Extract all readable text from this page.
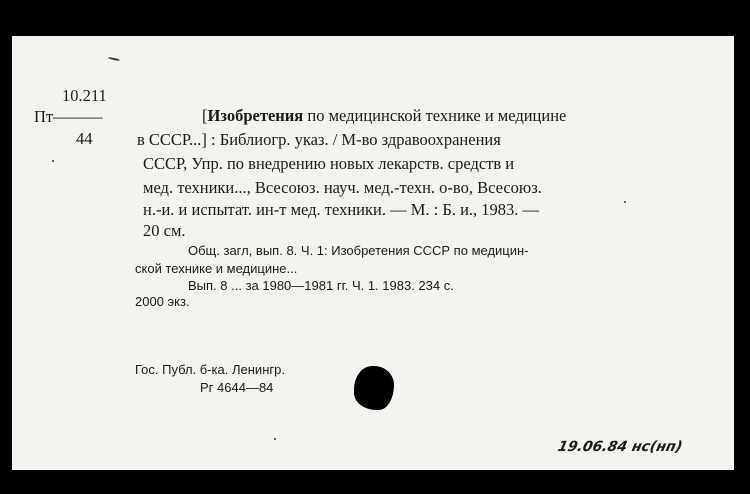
10.211
Пт———
44
[Изобретения по медицинской технике и медицине
в СССР...] : Библиогр. указ. / М-во здравоохранения
СССР, Упр. по внедрению новых лекарств. средств и
мед. техники..., Всесоюз. науч. мед.-техн. о-во, Всесоюз.
н.-и. и испытат. ин-т мед. техники. — М. : Б. и., 1983. —
20 см.
Общ. загл, вып. 8. Ч. 1: Изобретения СССР по медицин-
ской технике и медицине...
Вып. 8 ... за 1980—1981 гг. Ч. 1. 1983. 234 с.
2000 экз.
Гос. Публ. б-ка. Ленингр.
Рг 4644—84
19.06.84 нс(нп)
